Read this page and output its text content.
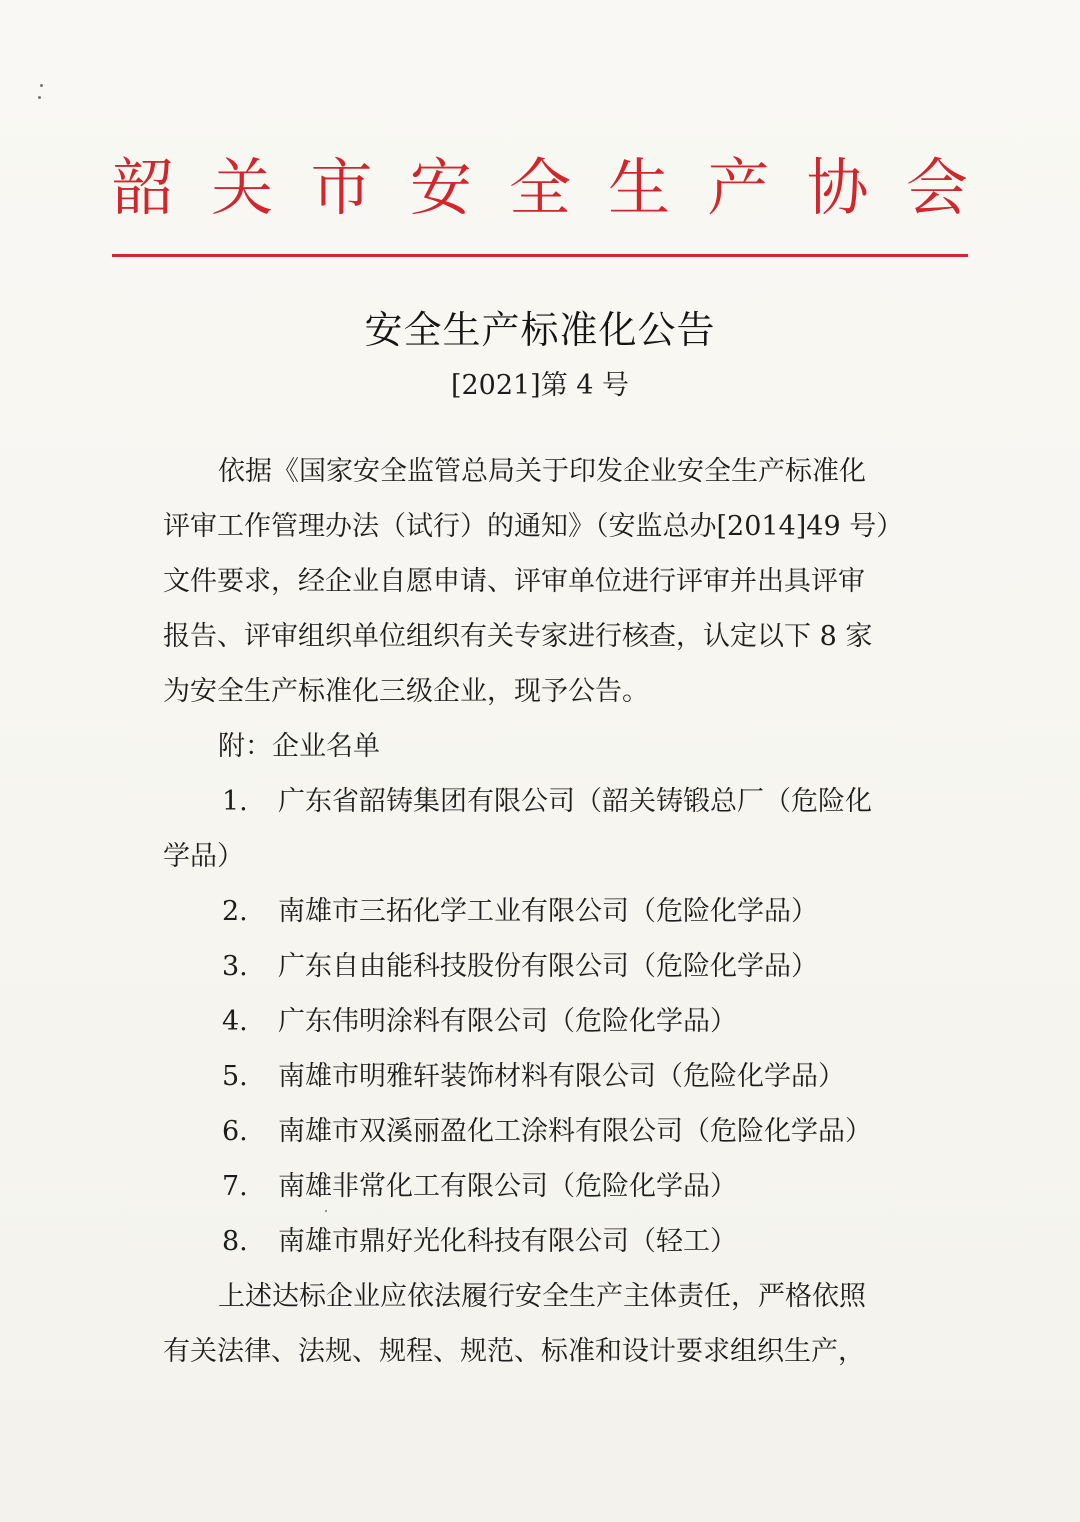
韶 关 市 安 全 生 产 协 会
安全生产标准化公告
[2021]第 4 号
依据《国家安全监管总局关于印发企业安全生产标准化
评审工作管理办法（试行）的通知》（安监总办[2014]49 号）
文件要求，经企业自愿申请、评审单位进行评审并出具评审
报告、评审组织单位组织有关专家进行核查，认定以下 8 家
为安全生产标准化三级企业，现予公告。
附：企业名单
1. 广东省韶铸集团有限公司（韶关铸锻总厂（危险化
学品）
2. 南雄市三拓化学工业有限公司（危险化学品）
3. 广东自由能科技股份有限公司（危险化学品）
4. 广东伟明涂料有限公司（危险化学品）
5. 南雄市明雅轩装饰材料有限公司（危险化学品）
6. 南雄市双溪丽盈化工涂料有限公司（危险化学品）
7. 南雄非常化工有限公司（危险化学品）
8. 南雄市鼎好光化科技有限公司（轻工）
上述达标企业应依法履行安全生产主体责任，严格依照
有关法律、法规、规程、规范、标准和设计要求组织生产，
